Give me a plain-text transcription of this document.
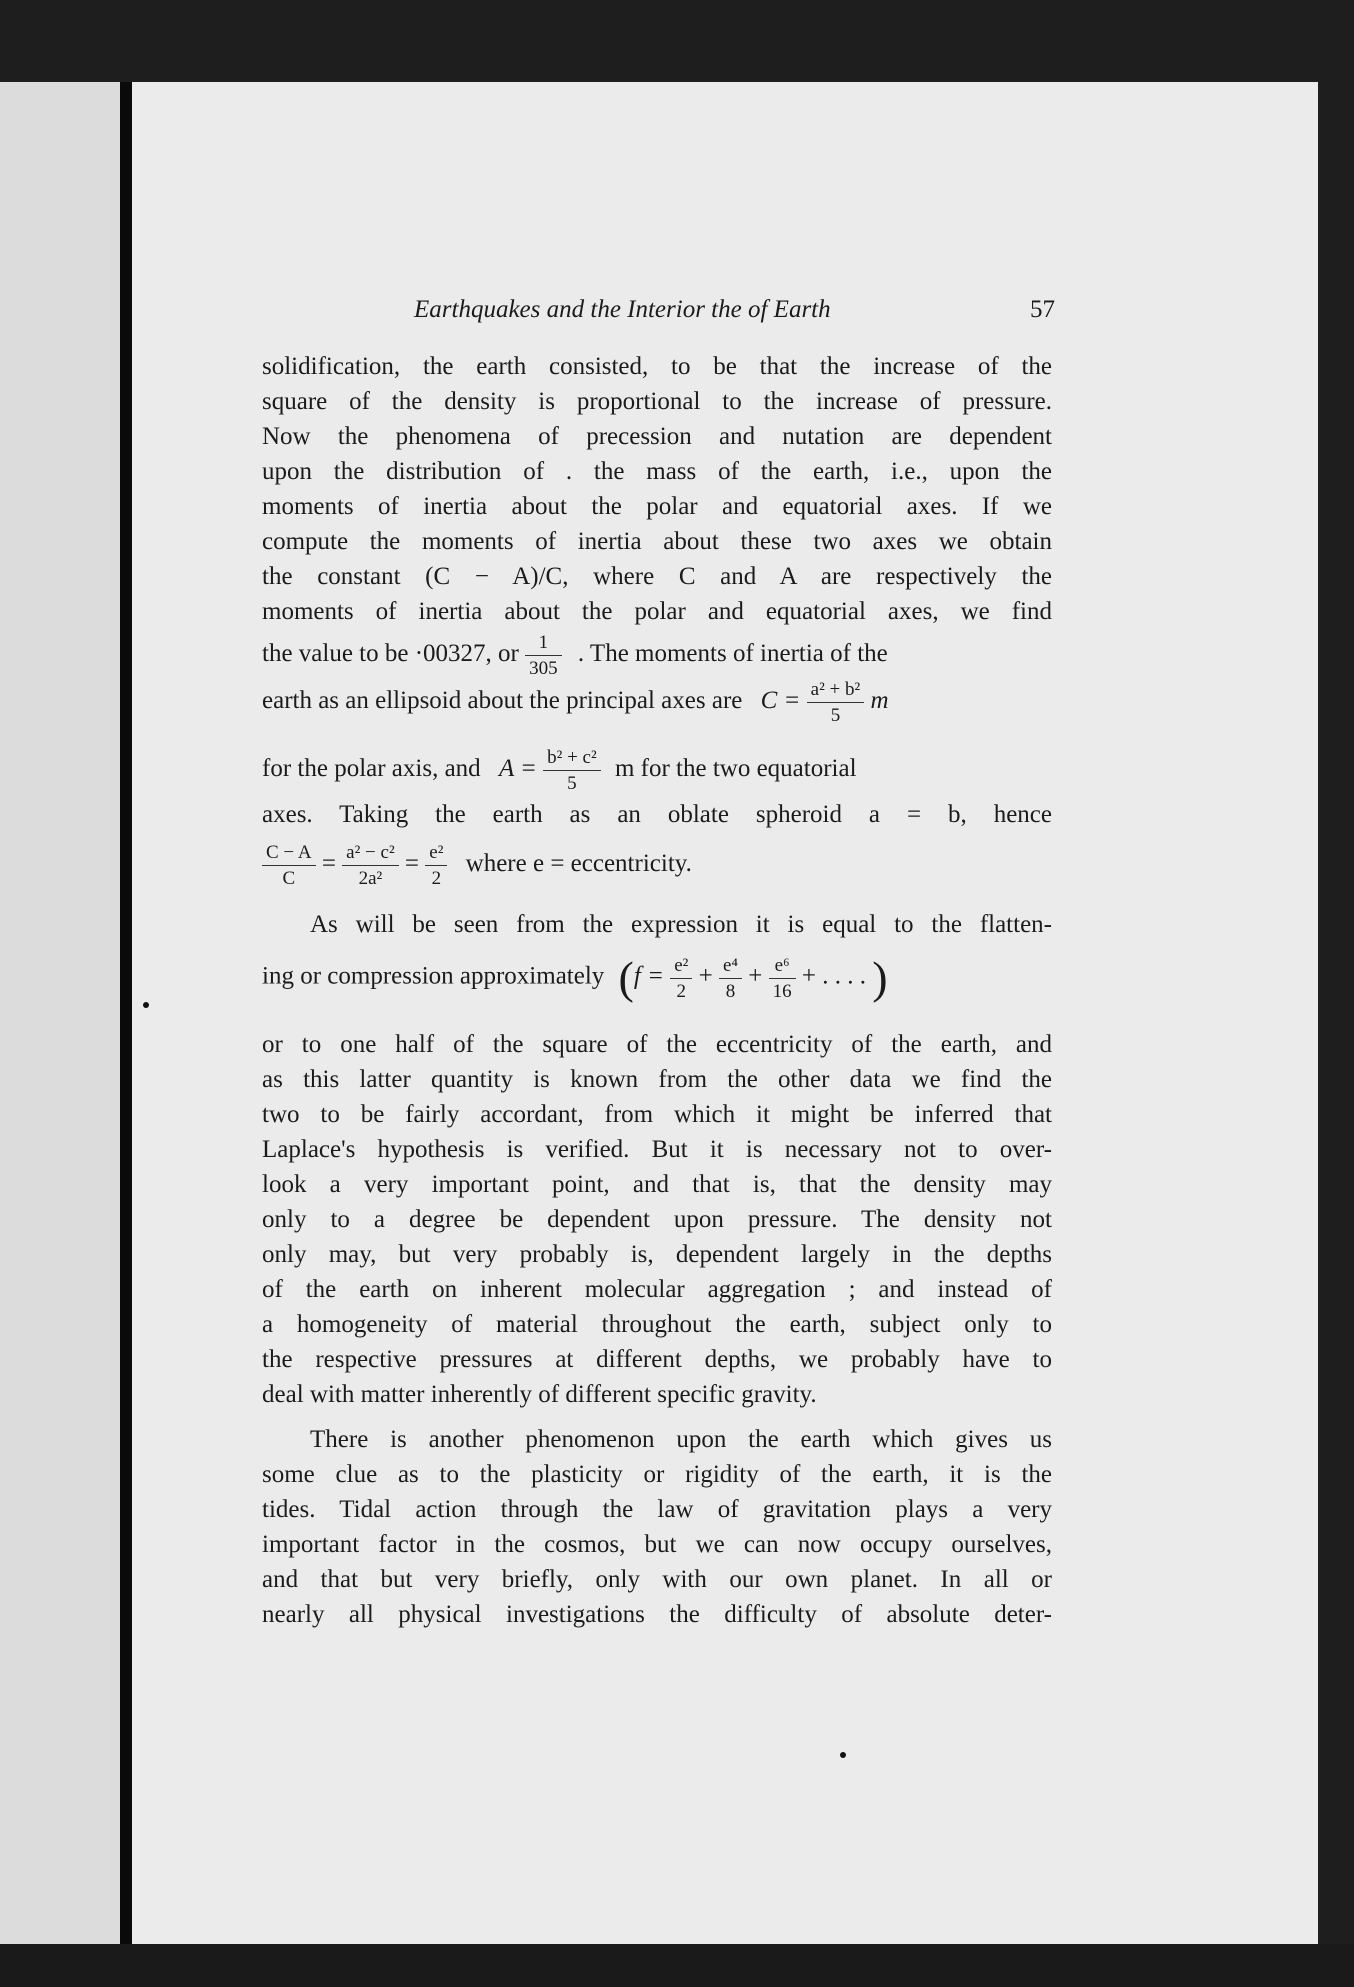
Earthquakes and the Interior the of Earth	57
solidification, the earth consisted, to be that the increase of the
square of the density is proportional to the increase of pressure.
Now the phenomena of precession and nutation are dependent
upon the distribution of . the mass of the earth, i.e., upon the
moments of inertia about the polar and equatorial axes. If we
compute the moments of inertia about these two axes we obtain
the constant (C − A)/C, where C and A are respectively the
moments of inertia about the polar and equatorial axes, we find
the value to be ·00327, or $\frac{1}{305}$ . The moments of inertia of the
earth as an ellipsoid about the principal axes are $C = \frac{\text{a² + b²}}{5}$ m
for the polar axis, and $A = \frac{\text{b² + c²}}{5}$ m for the two equatorial
axes. Taking the earth as an oblate spheroid a = b, hence
$\frac{C - A}{C} = \frac{\text{a² − c²}}{\text{2a²}} = \frac{\text{e²}}{2}$ where e = eccentricity.
As will be seen from the expression it is equal to the flatten-
ing or compression approximately ($f = \frac{\text{e²}}{2} + \frac{\text{e⁴}}{8} + \frac{\text{e⁶}}{16}$ + . . . . )
or to one half of the square of the eccentricity of the earth, and
as this latter quantity is known from the other data we find the
two to be fairly accordant, from which it might be inferred that
Laplace's hypothesis is verified. But it is necessary not to over-
look a very important point, and that is, that the density may
only to a degree be dependent upon pressure. The density not
only may, but very probably is, dependent largely in the depths
of the earth on inherent molecular aggregation ; and instead of
a homogeneity of material throughout the earth, subject only to
the respective pressures at different depths, we probably have to
deal with matter inherently of different specific gravity.
There is another phenomenon upon the earth which gives us
some clue as to the plasticity or rigidity of the earth, it is the
tides. Tidal action through the law of gravitation plays a very
important factor in the cosmos, but we can now occupy ourselves,
and that but very briefly, only with our own planet. In all or
nearly all physical investigations the difficulty of absolute deter-
